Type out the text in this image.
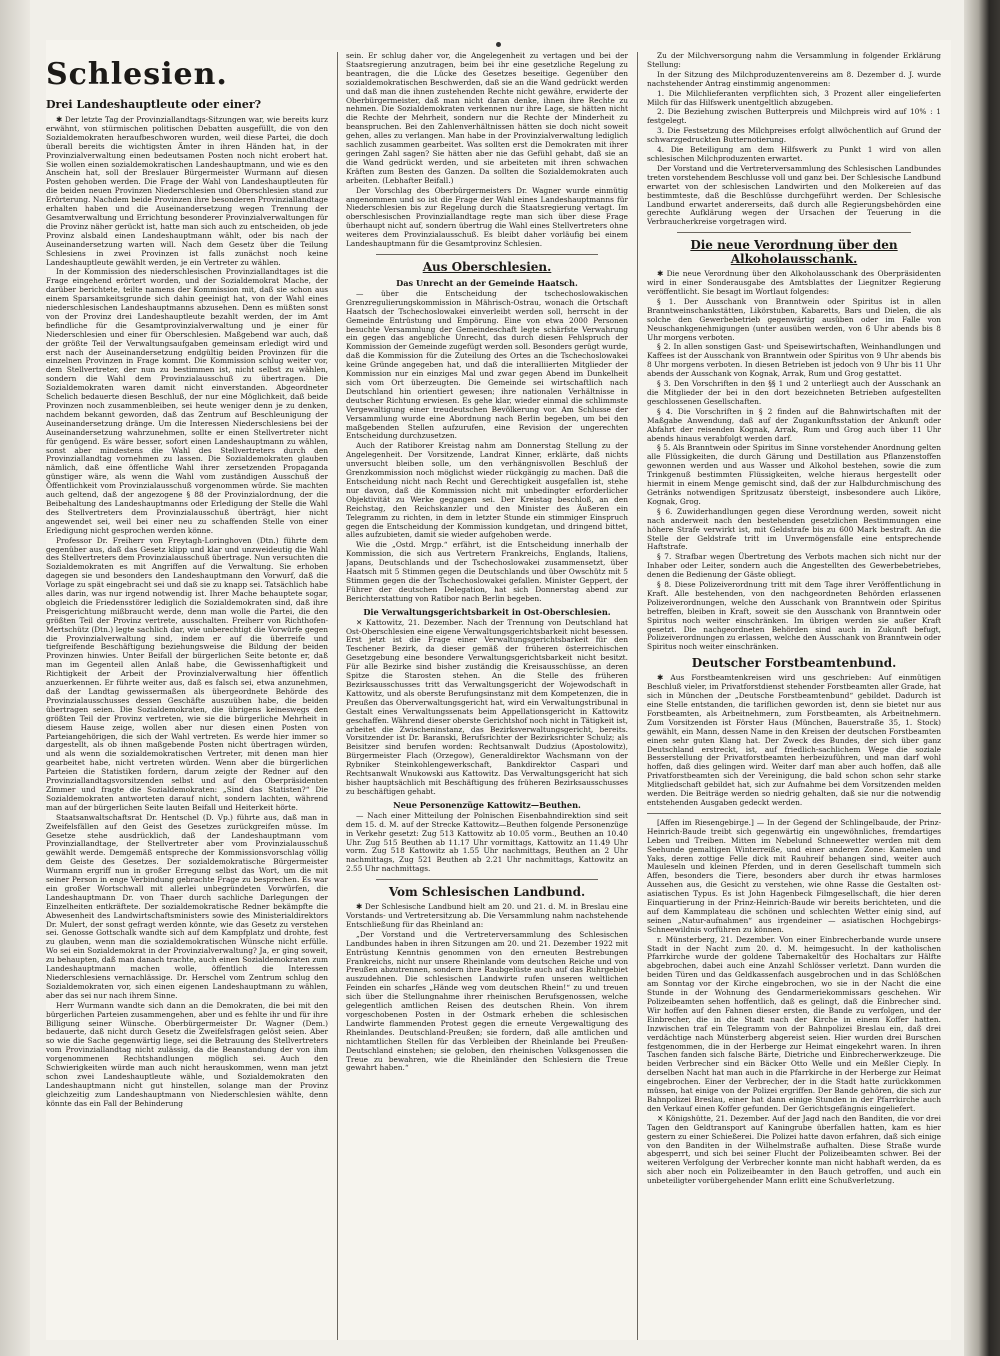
Schlesien.
Drei Landeshauptleute oder einer?

✱ Der letzte Tag der Provinziallandtags-Sitzungen war, wie bereits kurz erwähnt, von stürmischen politischen Debatten ausgefüllt, die von den Sozialdemokraten heraufbeschworen wurden, weil diese Partei, die doch überall bereits die wichtigsten Ämter in ihren Händen hat, in der Provinzialverwaltung einen bedeutsamen Posten noch nicht erobert hat. Sie wollen einen sozialdemokratischen Landeshauptmann, und wie es den Anschein hat, soll der Breslauer Bürgermeister Wurmann auf diesen Posten gehoben werden. Die Frage der Wahl von Landeshauptleuten für die beiden neuen Provinzen Niederschlesien und Oberschlesien stand zur Erörterung. Nachdem beide Provinzen ihre besonderen Provinziallandtage erhalten haben und die Auseinandersetzung wegen Trennung der Gesamtverwaltung und Errichtung besonderer Provinzialverwaltungen für die Provinz näher gerückt ist, hatte man sich auch zu entscheiden, ob jede Provinz alsbald einen Landeshauptmann wählt, oder bis nach der Auseinandersetzung warten will. Nach dem Gesetz über die Teilung Schlesiens in zwei Provinzen ist falls zunächst noch keine Landeshauptleute gewählt werden, je ein Vertreter zu wählen.

In der Kommission des niederschlesischen Provinziallandtages ist die Frage eingehend erörtert worden, und der Sozialdemokrat Mache, der darüber berichtete, teilte namens der Kommission mit, daß sie schon aus einem Sparsamkeitsgrunde sich dahin geeinigt hat, von der Wahl eines niederschlesischen Landeshauptmanns abzusehen. Denn es müßten sonst von der Provinz drei Landeshauptleute bezahlt werden, der im Amt befindliche für die Gesamtprovinzialverwaltung und je einer für Niederschlesien und einer für Oberschlesien. Maßgebend war auch, daß der größte Teil der Verwaltungsaufgaben gemeinsam erledigt wird und erst nach der Auseinandersetzung endgültig beiden Provinzen für die einzelnen Provinzen in Frage kommt. Die Kommission schlug weiter vor, dem Stellvertreter, der nun zu bestimmen ist, nicht selbst zu wählen, sondern die Wahl dem Provinzialausschuß zu übertragen. Die Sozialdemokraten waren damit nicht einverstanden. Abgeordneter Schelich bedauerte diesen Beschluß, der nur eine Möglichkeit, daß beide Provinzen noch zusammenbleiben, sei heute weniger denn je zu denken, nachdem bekannt geworden, daß das Zentrum auf Beschleunigung der Auseinandersetzung dränge. Um die Interessen Niederschlesiens bei der Auseinandersetzung wahrzunehmen, sollte er einen Stellvertreter nicht für genügend. Es wäre besser, sofort einen Landeshauptmann zu wählen, sonst aber mindestens die Wahl des Stellvertreters durch den Provinziallandtag vornehmen zu lassen. Die Sozialdemokraten glauben nämlich, daß eine öffentliche Wahl ihrer zersetzenden Propaganda günstiger wäre, als wenn die Wahl vom zuständigen Ausschuß der Öffentlichkeit vom Provinzialausschuß vorgenommen würde. Sie machten auch geltend, daß der angezogene § 88 der Provinzialordnung, der die Beibehaltung des Landeshauptmanns oder Erledigung der Stelle die Wahl des Stellvertreters dem Provinzialausschuß überträgt, hier nicht angewendet sei, weil bei einer neu zu schaffenden Stelle von einer Erledigung nicht gesprochen werden könne.

Professor Dr. Freiherr von Freytagh-Loringhoven (Dtn.) führte dem gegenüber aus, daß das Gesetz klipp und klar und unzweideutig die Wahl des Stellvertreters dem Provinzialausschuß übertrage. Nun versuchten die Sozialdemokraten es mit Angriffen auf die Verwaltung. Sie erhoben dagegen sie und besonders den Landeshauptmann den Vorwurf, daß die Vorlage zu spät eingebracht sei und daß sie zu knapp sei. Tatsächlich habe alles darin, was nur irgend notwendig ist. Ihrer Mache behauptete sogar, obgleich die Friedensstörer lediglich die Sozialdemokraten sind, daß ihre Preisgerichtung mißbraucht werde, denn man wolle die Partei, die den größten Teil der Provinz vertrete, ausschalten. Freiherr von Richthofen-Mertschütz (Dtn.) legte sachlich dar, wie unberechtigt die Vorwürfe gegen die Provinzialverwaltung sind, indem er auf die überreife und tiefgreifende Beschäftigung beziehungsweise die Bildung der beiden Provinzen hinwies. Unter Beifall der bürgerlichen Seite betonte er, daß man im Gegenteil allen Anlaß habe, die Gewissenhaftigkeit und Richtigkeit der Arbeit der Provinzialverwaltung hier öffentlich anzuerkennen. Er führte weiter aus, daß es falsch sei, etwa anzunehmen, daß der Landtag gewissermaßen als übergeordnete Behörde des Provinzialausschusses dessen Geschäfte auszuüben habe, die beiden übertragen seien. Die Sozialdemokraten, die übrigens keineswegs den größten Teil der Provinz vertreten, wie sie die bürgerliche Mehrheit in diesem Hause zeige, wollen aber nur diesen einen Posten von Parteiangehörigen, die sich der Wahl vertreten. Es werde hier immer so dargestellt, als ob ihnen maßgebende Posten nicht übertragen würden, und als wenn die sozialdemokratischen Vertreter, mit denen man hier gearbeitet habe, nicht vertreten würden. Wenn aber die bürgerlichen Parteien die Statistiken fordern, darum zeigte der Redner auf den Provinziallandtagsvorsitzenden selbst und auf den Oberpräsidenten Zimmer und fragte die Sozialdemokraten: „Sind das Statisten?“ Die Sozialdemokraten antworteten darauf nicht, sondern lachten, während man auf der bürgerlichen Seite lauten Beifall und Heiterkeit hörte.

Staatsanwaltschaftsrat Dr. Hentschel (D. Vp.) führte aus, daß man in Zweifelsfällen auf den Geist des Gesetzes zurückgreifen müsse. Im Gesetze stehe ausdrücklich, daß der Landeshauptmann vom Provinziallandtage, der Stellvertreter aber vom Provinzialausschuß gewählt werde. Demgemäß entspreche der Kommissionsvorschlag völlig dem Geiste des Gesetzes. Der sozialdemokratische Bürgermeister Wurmann ergriff nun in großer Erregung selbst das Wort, um die mit seiner Person in enge Verbindung gebrachte Frage zu besprechen. Es war ein großer Wortschwall mit allerlei unbegründeten Vorwürfen, die Landeshauptmann Dr. von Thaer durch sachliche Darlegungen der Einzelheiten entkräftete. Der sozialdemokratische Redner bekämpfte die Abwesenheit des Landwirtschaftsministers sowie des Ministerialdirektors Dr. Mulert, der sonst gefragt werden könnte, wie das Gesetz zu verstehen sei. Genosse Gottschalk wandte sich auf dem Kampfplatz und drohte, fest zu glauben, wenn man die sozialdemokratischen Wünsche nicht erfülle. Wo sei ein Sozialdemokrat in der Provinzialverwaltung? Ja, er ging soweit, zu behaupten, daß man danach trachte, auch einen Sozialdemokraten zum Landeshauptmann machen wolle, öffentlich die Interessen Niederschlesiens vernachlässige. Dr. Herschel vom Zentrum schlug den Sozialdemokraten vor, sich einen eigenen Landeshauptmann zu wählen, aber das sei nur nach ihrem Sinne.

Herr Wurmann wandte sich dann an die Demokraten, die bei mit den bürgerlichen Parteien zusammengehen, aber und es fehlte ihr und für ihre Billigung seiner Wünsche. Oberbürgermeister Dr. Wagner (Dem.) bedauerte, daß nicht durch Gesetz die Zweifelsfragen gelöst seien. Aber so wie die Sache gegenwärtig liege, sei die Betrauung des Stellvertreters vom Provinziallandtag nicht zulässig, da die Beanstandung der von ihm vorgenommenen Rechtshandlungen möglich sei. Auch den Schwierigkeiten würde man auch nicht herauskommen, wenn man jetzt schon zwei Landeshauptleute wähle, und Sozialdemokraten den Landeshauptmann nicht gut hinstellen, solange man der Provinz gleichzeitig zum Landeshauptmann von Niederschlesien wählte, denn könnte das ein Fall der Behinderung

sein. Er schlug daher vor, die Angelegenheit zu vertagen und bei der Staatsregierung anzutragen, beim bei ihr eine gesetzliche Regelung zu beantragen, die die Lücke des Gesetzes beseitige. Gegenüber den sozialdemokratischen Beschwerden, daß sie an die Wand gedrückt werden und daß man die ihnen zustehenden Rechte nicht gewähre, erwiderte der Oberbürgermeister, daß man nicht daran denke, ihnen ihre Rechte zu nehmen. Die Sozialdemokraten verkennen nur ihre Lage, sie hätten nicht die Rechte der Mehrheit, sondern nur die Rechte der Minderheit zu beanspruchen. Bei den Zahlenverhältnissen hätten sie doch nicht soweit gehen, alles zu verlangen. Man habe in der Provinzialverwaltung lediglich sachlich zusammen gearbeitet. Was sollten erst die Demokraten mit ihrer geringen Zahl sagen? Sie hätten aber nie das Gefühl gehabt, daß sie an die Wand gedrückt werden, und sie arbeiteten mit ihren schwachen Kräften zum Besten des Ganzen. Da sollten die Sozialdemokraten auch arbeiten. (Lebhafter Beifall.)

Der Vorschlag des Oberbürgermeisters Dr. Wagner wurde einmütig angenommen und so ist die Frage der Wahl eines Landeshauptmanns für Niederschlesien bis zur Regelung durch die Staatsregierung vertagt. Im oberschlesischen Provinziallandtage regte man sich über diese Frage überhaupt nicht auf, sondern übertrug die Wahl eines Stellvertreters ohne weiteres dem Provinzialausschuß. Es bleibt daher vorläufig bei einem Landeshauptmann für die Gesamtprovinz Schlesien.

Aus Oberschlesien.
Das Unrecht an der Gemeinde Haatsch.

— über die Entscheidung der tschechoslowakischen Grenzregulierungskommission in Mährisch-Ostrau, wonach die Ortschaft Haatsch der Tschechoslowakei einverleibt werden soll, herrscht in der Gemeinde Entrüstung und Empörung. Eine von etwa 2000 Personen besuchte Versammlung der Gemeindeschaft legte schärfste Verwahrung ein gegen das angebliche Unrecht, das durch diesen Fehlspruch der Kommission der Gemeinde zugefügt werden soll. Besonders gerügt wurde, daß die Kommission für die Zuteilung des Ortes an die Tschechoslowakei keine Gründe angegeben hat, und daß die interalliierten Mitglieder der Kommission nur ein einziges Mal und zwar gegen Abend im Dunkelheit sich vom Ort überzeugten. Die Gemeinde sei wirtschaftlich nach Deutschland hin orientiert gewesen; ihre nationalen Verhältnisse in deutscher Richtung erwiesen. Es gehe klar, wieder einmal die schlimmste Vergewaltigung einer treudeutschen Bevölkerung vor. Am Schlusse der Versammlung wurde eine Abordnung nach Berlin begeben, um bei den maßgebenden Stellen aufzurufen, eine Revision der ungerechten Entscheidung durchzusetzen.

Auch der Ratiborer Kreistag nahm am Donnerstag Stellung zu der Angelegenheit. Der Vorsitzende, Landrat Kinner, erklärte, daß nichts unversucht bleiben solle, um den verhängnisvollen Beschluß der Grenzkommission noch möglichst wieder rückgängig zu machen. Daß die Entscheidung nicht nach Recht und Gerechtigkeit ausgefallen ist, stehe nur davon, daß die Kommission nicht mit unbedingter erforderlicher Objektivität zu Werke gegangen sei. Der Kreistag beschloß, an den Reichstag, den Reichskanzler und den Minister des Äußeren ein Telegramm zu richten, in dem in letzter Stunde ein stimmiger Einspruch gegen die Entscheidung der Kommission kundgetan, und dringend bittet, alles aufzubieten, damit sie wieder aufgehoben werde.

Wie die „Ostd. Mrgp.“ erfährt, ist die Entscheidung innerhalb der Kommission, die sich aus Vertretern Frankreichs, Englands, Italiens, Japans, Deutschlands und der Tschechoslowakei zusammensetzt, über Haatsch mit 5 Stimmen gegen die Deutschlands und über Owschütz mit 5 Stimmen gegen die der Tschechoslowakei gefallen. Minister Geppert, der Führer der deutschen Delegation, hat sich Donnerstag abend zur Berichterstattung von Ratibor nach Berlin begeben.

Die Verwaltungsgerichtsbarkeit in Ost-Oberschlesien.

✕ Kattowitz, 21. Dezember. Nach der Trennung von Deutschland hat Ost-Oberschlesien eine eigene Verwaltungsgerichtsbarkeit nicht besessen. Erst jetzt ist die Frage einer Verwaltungsgerichtsbarkeit für den Teschener Bezirk, da dieser gemäß der früheren österreichischen Gesetzgebung eine besondere Verwaltungsgerichtsbarkeit nicht besitzt. Für alle Bezirke sind bisher zuständig die Kreisausschüsse, an deren Spitze die Starosten stehen. An die Stelle des früheren Bezirksausschusses tritt das Verwaltungsgericht der Wojewodschaft in Kattowitz, und als oberste Berufungsinstanz mit dem Kompetenzen, die in Preußen das Oberverwaltungsgericht hat, wird ein Verwaltungstribunal in Gestalt eines Verwaltungssenats beim Appellationsgericht in Kattowitz geschaffen. Während dieser oberste Gerichtshof noch nicht in Tätigkeit ist, arbeitet die Zwischeninstanz, das Bezirksverwaltungsgericht, bereits. Vorsitzender ist Dr. Baranski, Berufsrichter der Bezirksrichter Schulz; als Beisitzer sind berufen worden: Rechtsanwalt Dudzius (Apostolowitz), Bürgermeister Flach (Orzegow), Generaldirektor Wachsmann von der Rybniker Steinkohlengewerkschaft, Bankdirektor Caspari und Rechtsanwalt Wnukowski aus Kattowitz. Das Verwaltungsgericht hat sich bisher hauptsächlich mit Beschäftigung des früheren Bezirksausschusses zu beschäftigen gehabt.

Neue Personenzüge Kattowitz—Beuthen.

— Nach einer Mitteilung der Polnischen Eisenbahndirektion sind seit dem 15. d. M. auf der Strecke Kattowitz—Beuthen folgende Personenzüge in Verkehr gesetzt: Zug 513 Kattowitz ab 10.05 vorm., Beuthen an 10.40 Uhr. Zug 515 Beuthen ab 11.17 Uhr vormittags, Kattowitz an 11.49 Uhr vorm. Zug 518 Kattowitz ab 1.55 Uhr nachmittags, Beuthen an 2 Uhr nachmittags, Zug 521 Beuthen ab 2.21 Uhr nachmittags, Kattowitz an 2.55 Uhr nachmittags.

Vom Schlesischen Landbund.

✱ Der Schlesische Landbund hielt am 20. und 21. d. M. in Breslau eine Vorstands- und Vertretersitzung ab. Die Versammlung nahm nachstehende Entschließung für das Rheinland an:

„Der Vorstand und die Vertreterversammlung des Schlesischen Landbundes haben in ihren Sitzungen am 20. und 21. Dezember 1922 mit Entrüstung Kenntnis genommen von den erneuten Bestrebungen Frankreichs, nicht nur unsere Rheinlande vom deutschen Reiche und von Preußen abzutrennen, sondern ihre Raubgelüste auch auf das Ruhrgebiet auszudehnen. Die schlesischen Landwirte rufen unseren weltlichen Feinden ein scharfes „Hände weg vom deutschen Rhein!“ zu und treuen sich über die Stellungnahme ihrer rheinischen Berufsgenossen, welche gelegentlich amtlichen Reisen des deutschen Rhein. Von ihrem vorgeschobenen Posten in der Ostmark erheben die schlesischen Landwirte flammenden Protest gegen die erneute Vergewaltigung des Rheinlandes. Deutschland-Preußen; sie fordern, daß alle amtlichen und nichtamtlichen Stellen für das Verbleiben der Rheinlande bei Preußen-Deutschland einstehen; sie geloben, den rheinischen Volksgenossen die Treue zu bewahren, wie die Rheinländer den Schlesiern die Treue gewahrt haben.“

Zu der Milchversorgung nahm die Versammlung in folgender Erklärung Stellung:

In der Sitzung des Milchproduzentenvereins am 8. Dezember d. J. wurde nachstehender Antrag einstimmig angenommen:

1. Die Milchlieferanten verpflichten sich, 3 Prozent aller eingelieferten Milch für das Hilfswerk unentgeltlich abzugeben.

2. Die Beziehung zwischen Butterpreis und Milchpreis wird auf 10% : 1 festgelegt.

3. Die Festsetzung des Milchpreises erfolgt allwöchentlich auf Grund der schwarzgedruckten Butternotierung.

4. Die Beteiligung am dem Hilfswerk zu Punkt 1 wird von allen schlesischen Milchproduzenten erwartet.

Der Vorstand und die Vertreterversammlung des Schlesischen Landbundes treten vorstehendem Beschlusse voll und ganz bei. Der Schlesische Landbund erwartet von der schlesischen Landwirten und den Molkereien auf das bestimmteste, daß die Beschlüsse durchgeführt werden. Der Schlesische Landbund erwartet andererseits, daß durch alle Regierungsbehörden eine gerechte Aufklärung wegen der Ursachen der Teuerung in die Verbraucherkreise vorgetragen wird.

Die neue Verordnung über den Alkoholausschank.

✱ Die neue Verordnung über den Alkoholausschank des Oberpräsidenten wird in einer Sonderausgabe des Amtsblattes der Liegnitzer Regierung veröffentlicht. Sie besagt im Wortlaut folgendes:

§ 1. Der Ausschank von Branntwein oder Spiritus ist in allen Branntweinschankstätten, Likörstuben, Kabaretts, Bars und Dielen, die als solche den Gewerbebetrieb gegenwärtig ausüben oder im Falle von Neuschankgenehmigungen (unter ausüben werden, von 6 Uhr abends bis 8 Uhr morgens verboten.

§ 2. In allen sonstigen Gast- und Speisewirtschaften, Weinhandlungen und Kaffees ist der Ausschank von Branntwein oder Spiritus von 9 Uhr abends bis 8 Uhr morgens verboten. In diesen Betrieben ist jedoch von 9 Uhr bis 11 Uhr abends der Ausschank von Kognak, Arrak, Rum und Grog gestattet.

§ 3. Den Vorschriften in den §§ 1 und 2 unterliegt auch der Ausschank an die Mitglieder der bei in den dort bezeichneten Betrieben aufgestellten geschlossenen Gesellschaften.

§ 4. Die Vorschriften in § 2 finden auf die Bahnwirtschaften mit der Maßgabe Anwendung, daß auf der Zugankunftsstation der Ankunft oder Abfahrt der reisenden Kognak, Arrak, Rum und Grog auch über 11 Uhr abends hinaus verabfolgt werden darf.

§ 5. Als Branntwein oder Spiritus im Sinne vorstehender Anordnung gelten alle Flüssigkeiten, die durch Gärung und Destillation aus Pflanzenstoffen gewonnen werden und aus Wasser und Alkohol bestehen, sowie die zum Trinkgenuß bestimmten Flüssigkeiten, welche hieraus hergestellt oder hiermit in einem Menge gemischt sind, daß der zur Halbdurchmischung des Getränks notwendigen Spritzusatz übersteigt, insbesondere auch Liköre, Kognak, Grog.

§ 6. Zuwiderhandlungen gegen diese Verordnung werden, soweit nicht nach anderweit nach den bestehenden gesetzlichen Bestimmungen eine höhere Strafe verwirkt ist, mit Geldstrafe bis zu 600 Mark bestraft. An die Stelle der Geldstrafe tritt im Unvermögensfalle eine entsprechende Haftstrafe.

§ 7. Strafbar wegen Übertretung des Verbots machen sich nicht nur der Inhaber oder Leiter, sondern auch die Angestellten des Gewerbebetriebes, denen die Bedienung der Gäste obliegt.

§ 8. Diese Polizeiverordnung tritt mit dem Tage ihrer Veröffentlichung in Kraft. Alle bestehenden, von den nachgeordneten Behörden erlassenen Polizeiverordnungen, welche den Ausschank von Branntwein oder Spiritus betreffen, bleiben in Kraft, soweit sie den Ausschank von Branntwein oder Spiritus noch weiter einschränken. Im übrigen werden sie außer Kraft gesetzt. Die nachgeordneten Behörden sind auch in Zukunft befugt, Polizeiverordnungen zu erlassen, welche den Ausschank von Branntwein oder Spiritus noch weiter einschränken.

Deutscher Forstbeamtenbund.

✱ Aus Forstbeamtenkreisen wird uns geschrieben: Auf einmütigen Beschluß vieler, im Privatforstdienst stehender Forstbeamten aller Grade, hat sich in München der „Deutsche Forstbeamtenbund“ gebildet. Dadurch ist eine Stelle entstanden, die tariflichen geworden ist, denn sie bietet nur aus Forstbeamten, als Arbeitnehmern, zum Forstbeamten, als Arbeitnehmern. Zum Vorsitzenden ist Förster Haus (München, Bauerstraße 35, 1. Stock) gewählt, ein Mann, dessen Name in den Kreisen der deutschen Forstbeamten einen sehr guten Klang hat. Der Zweck des Bundes, der sich über ganz Deutschland erstreckt, ist, auf friedlich-sachlichem Wege die soziale Besserstellung der Privatforstbeamten herbeizuführen, und man darf wohl hoffen, daß dies gelingen wird. Weiter darf man aber auch hoffen, daß alle Privatforstbeamten sich der Vereinigung, die bald schon schon sehr starke Mitgliedschaft gebildet hat, sich zur Aufnahme bei dem Vorsitzenden melden werden. Die Beiträge werden so niedrig gehalten, daß sie nur die notwendig entstehenden Ausgaben gedeckt werden.

[Affen im Riesengebirge.] — In der Gegend der Schlingelbaude, der Prinz-Heinrich-Baude treibt sich gegenwärtig ein ungewöhnliches, fremdartiges Leben und Treiben. Mitten im Nebelund Schneewetter werden mit dem Seehunde gemaltigen Winterreiße, und einer anderen Zone: Kamelen und Yaks, deren zottige Felle dick mit Rauhreif behangen sind, weiter auch Mauleseln und kleinen Pferden, und in deren Gesellschaft tummeln sich Affen, besonders die Tiere, besonders aber durch ihr etwas harmloses Aussehen aus, die Gesicht zu verstehen, wie ohne Rasse die Gestalten ost-asiatischen Typus. Es ist John Hagenbeck Filmgesellschaft, die hier deren Einquartierung in der Prinz-Heinrich-Baude wir bereits berichteten, und die auf dem Kammplateau die schönen und schlechten Wetter einig sind, auf seinen „Natur-aufnahmen“ aus irgendeiner — asiatischen Hochgebirgs-Schneewildnis vorführen zu können.

r. Münsterberg, 21. Dezember. Von einer Einbrecherbande wurde unsere Stadt in der Nacht zum 20. d. M. heimgesucht. In der katholischen Pfarrkirche wurde der goldene Tabernakeltür des Hochaltars zur Hälfte abgebrochen, dabei auch eine Anzahl Schlösser verletzt. Dann wurden die beiden Türen und das Geldkassenfach ausgebrochen und in das Schlößchen am Sonntag vor der Kirche eingebrochen, wo sie in der Nacht die eine Stunde in der Wohnung des Gendarmeriekommissars geschehen. Wir Polizeibeamten sehen hoffentlich, daß es gelingt, daß die Einbrecher sind. Wir hoffen auf den Fahnen dieser ersten, die Bande zu verfolgen, und der Einbrecher, die in die Stadt nach der Kirche in einem Koffer hatten. Inzwischen traf ein Telegramm von der Bahnpolizei Breslau ein, daß drei verdächtige nach Münsterberg abgereist seien. Hier wurden drei Burschen festgenommen, die in der Herberge zur Heimat eingekehrt waren. In ihren Taschen fanden sich falsche Bärte, Dietriche und Einbrecherwerkzeuge. Die beiden Verbrecher sind ein Bäcker Otto Welle und ein Meßler Cieply. In derselben Nacht hat man auch in die Pfarrkirche in der Herberge zur Heimat eingebrochen. Einer der Verbrecher, der in die Stadt hatte zurückkommen müssen, hat einige von der Polizei ergriffen. Der Bande gehören, die sich zur Bahnpolizei Breslau, einer hat dann einige Stunden in der Pfarrkirche auch den Verkauf einen Koffer gefunden. Der Gerichtsgefängnis eingeliefert.

✕ Königshütte, 21. Dezember. Auf der Jagd nach den Banditen, die vor drei Tagen den Geldtransport auf Kaningrube überfallen hatten, kam es hier gestern zu einer Schießerei. Die Polizei hatte davon erfahren, daß sich einige von den Banditen in der Wilhelmstraße aufhalten. Diese Straße wurde abgesperrt, und sich bei seiner Flucht der Polizeibeamten schwer. Bei der weiteren Verfolgung der Verbrecher konnte man nicht habhaft werden, da es sich aber noch ein Polizeibeamter in den Bauch getroffen, und auch ein unbeteiligter vorübergehender Mann erlitt eine Schußverletzung.
